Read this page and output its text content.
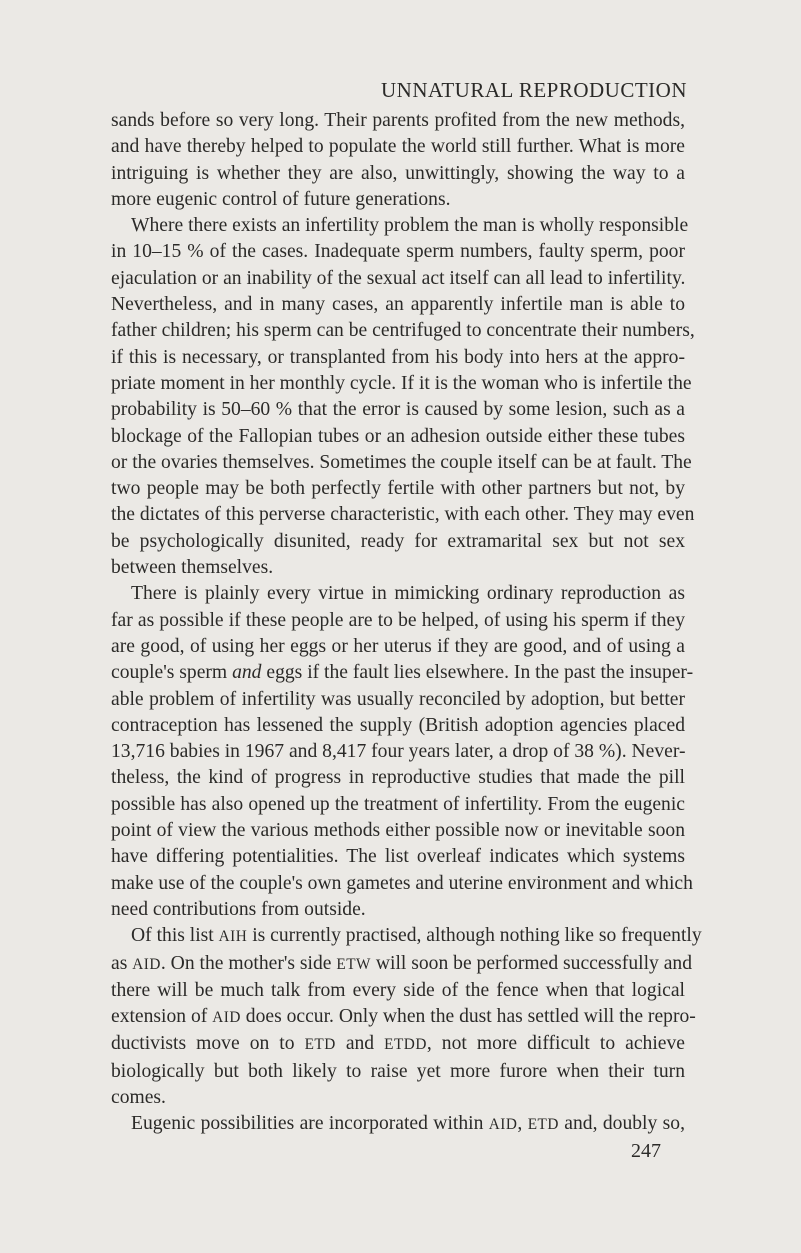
UNNATURAL REPRODUCTION
sands before so very long. Their parents profited from the new methods,
and have thereby helped to populate the world still further. What is more
intriguing is whether they are also, unwittingly, showing the way to a
more eugenic control of future generations.
Where there exists an infertility problem the man is wholly responsible
in 10–15 % of the cases. Inadequate sperm numbers, faulty sperm, poor
ejaculation or an inability of the sexual act itself can all lead to infertility.
Nevertheless, and in many cases, an apparently infertile man is able to
father children; his sperm can be centrifuged to concentrate their numbers,
if this is necessary, or transplanted from his body into hers at the appro-
priate moment in her monthly cycle. If it is the woman who is infertile the
probability is 50–60 % that the error is caused by some lesion, such as a
blockage of the Fallopian tubes or an adhesion outside either these tubes
or the ovaries themselves. Sometimes the couple itself can be at fault. The
two people may be both perfectly fertile with other partners but not, by
the dictates of this perverse characteristic, with each other. They may even
be psychologically disunited, ready for extramarital sex but not sex
between themselves.
There is plainly every virtue in mimicking ordinary reproduction as
far as possible if these people are to be helped, of using his sperm if they
are good, of using her eggs or her uterus if they are good, and of using a
couple's sperm and eggs if the fault lies elsewhere. In the past the insuper-
able problem of infertility was usually reconciled by adoption, but better
contraception has lessened the supply (British adoption agencies placed
13,716 babies in 1967 and 8,417 four years later, a drop of 38 %). Never-
theless, the kind of progress in reproductive studies that made the pill
possible has also opened up the treatment of infertility. From the eugenic
point of view the various methods either possible now or inevitable soon
have differing potentialities. The list overleaf indicates which systems
make use of the couple's own gametes and uterine environment and which
need contributions from outside.
Of this list AIH is currently practised, although nothing like so frequently
as AID. On the mother's side ETW will soon be performed successfully and
there will be much talk from every side of the fence when that logical
extension of AID does occur. Only when the dust has settled will the repro-
ductivists move on to ETD and ETDD, not more difficult to achieve
biologically but both likely to raise yet more furore when their turn
comes.
Eugenic possibilities are incorporated within AID, ETD and, doubly so,
247
